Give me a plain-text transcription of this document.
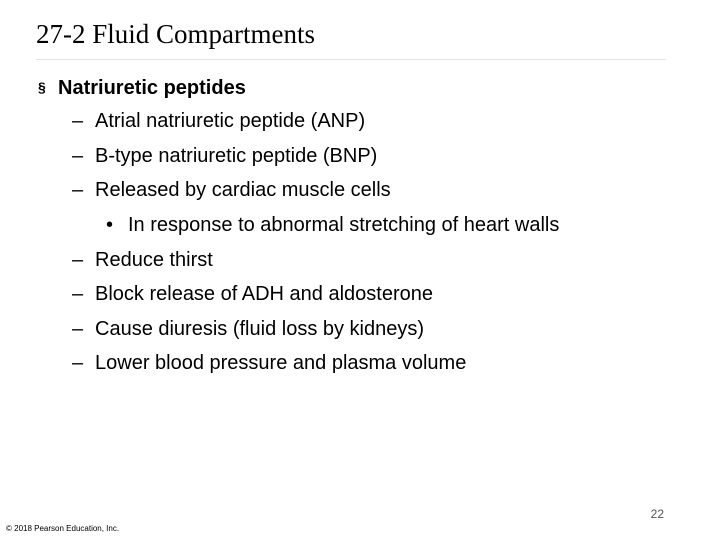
27-2 Fluid Compartments
§ Natriuretic peptides
– Atrial natriuretic peptide (ANP)
– B-type natriuretic peptide (BNP)
– Released by cardiac muscle cells
• In response to abnormal stretching of heart walls
– Reduce thirst
– Block release of ADH and aldosterone
– Cause diuresis (fluid loss by kidneys)
– Lower blood pressure and plasma volume
22
© 2018 Pearson Education, Inc.
